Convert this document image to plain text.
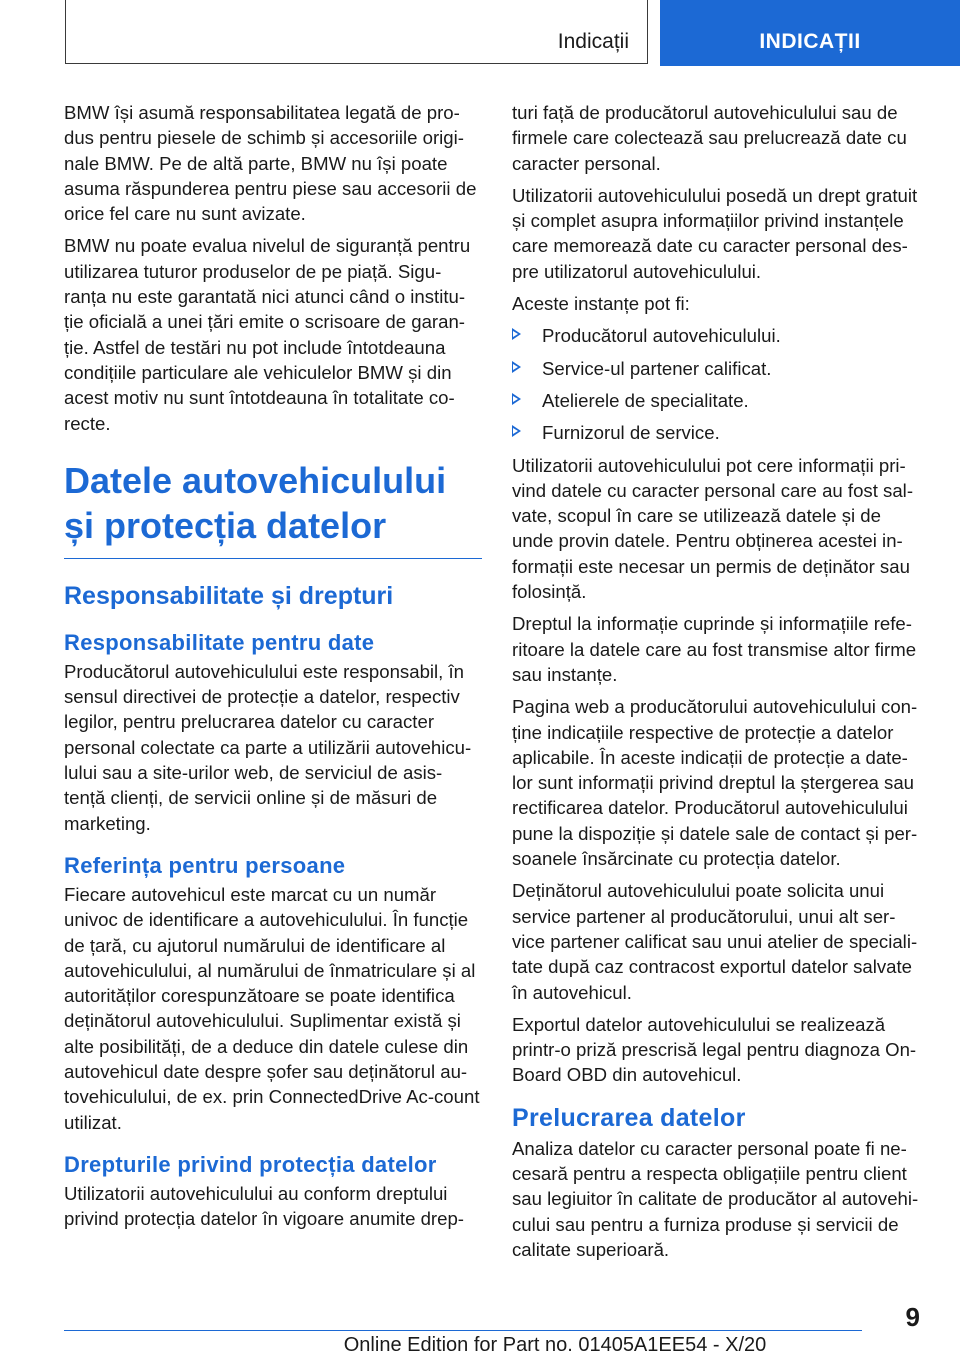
Indicații	INDICAȚII

BMW își asumă responsabilitatea legată de pro-dus pentru piesele de schimb și accesoriile origi-nale BMW. Pe de altă parte, BMW nu își poate asuma răspunderea pentru piese sau accesorii de orice fel care nu sunt avizate.

BMW nu poate evalua nivelul de siguranță pentru utilizarea tuturor produselor de pe piață. Sigu-ranța nu este garantată nici atunci când o institu-ție oficială a unei țări emite o scrisoare de garan-ție. Astfel de testări nu pot include întotdeauna condițiile particulare ale vehiculelor BMW și din acest motiv nu sunt întotdeauna în totalitate co-recte.

Datele autovehiculului și protecția datelor
Responsabilitate și drepturi
Responsabilitate pentru date

Producătorul autovehiculului este responsabil, în sensul directivei de protecție a datelor, respectiv legilor, pentru prelucrarea datelor cu caracter personal colectate ca parte a utilizării autovehicu-lului sau a site-urilor web, de serviciul de asis-tență clienți, de servicii online și de măsuri de marketing.

Referința pentru persoane

Fiecare autovehicul este marcat cu un număr univoc de identificare a autovehiculului. În funcție de țară, cu ajutorul numărului de identificare al autovehiculului, al numărului de înmatriculare și al autorităților corespunzătoare se poate identifica deținătorul autovehiculului. Suplimentar există și alte posibilități, de a deduce din datele culese din autovehicul date despre șofer sau deținătorul au-tovehiculului, de ex. prin ConnectedDrive Ac-count utilizat.

Drepturile privind protecția datelor

Utilizatorii autovehiculului au conform dreptului privind protecția datelor în vigoare anumite drep-

turi față de producătorul autovehiculului sau de firmele care colectează sau prelucrează date cu caracter personal.

Utilizatorii autovehiculului posedă un drept gratuit și complet asupra informațiilor privind instanțele care memorează date cu caracter personal des-pre utilizatorul autovehiculului.

Aceste instanțe pot fi:

Producătorul autovehiculului.
Service-ul partener calificat.
Atelierele de specialitate.
Furnizorul de service.

Utilizatorii autovehiculului pot cere informații pri-vind datele cu caracter personal care au fost sal-vate, scopul în care se utilizează datele și de unde provin datele. Pentru obținerea acestei in-formații este necesar un permis de deținător sau folosință.

Dreptul la informație cuprinde și informațiile refe-ritoare la datele care au fost transmise altor firme sau instanțe.

Pagina web a producătorului autovehiculului con-ține indicațiile respective de protecție a datelor aplicabile. În aceste indicații de protecție a date-lor sunt informații privind dreptul la ștergerea sau rectificarea datelor. Producătorul autovehiculului pune la dispoziție și datele sale de contact și per-soanele însărcinate cu protecția datelor.

Deținătorul autovehiculului poate solicita unui service partener al producătorului, unui alt ser-vice partener calificat sau unui atelier de speciali-tate după caz contracost exportul datelor salvate în autovehicul.

Exportul datelor autovehiculului se realizează printr-o priză prescrisă legal pentru diagnoza On-Board OBD din autovehicul.

Prelucrarea datelor

Analiza datelor cu caracter personal poate fi ne-cesară pentru a respecta obligațiile pentru client sau legiuitor în calitate de producător al autovehi-cului sau pentru a furniza produse și servicii de calitate superioară.

9
Online Edition for Part no. 01405A1EE54 - X/20
